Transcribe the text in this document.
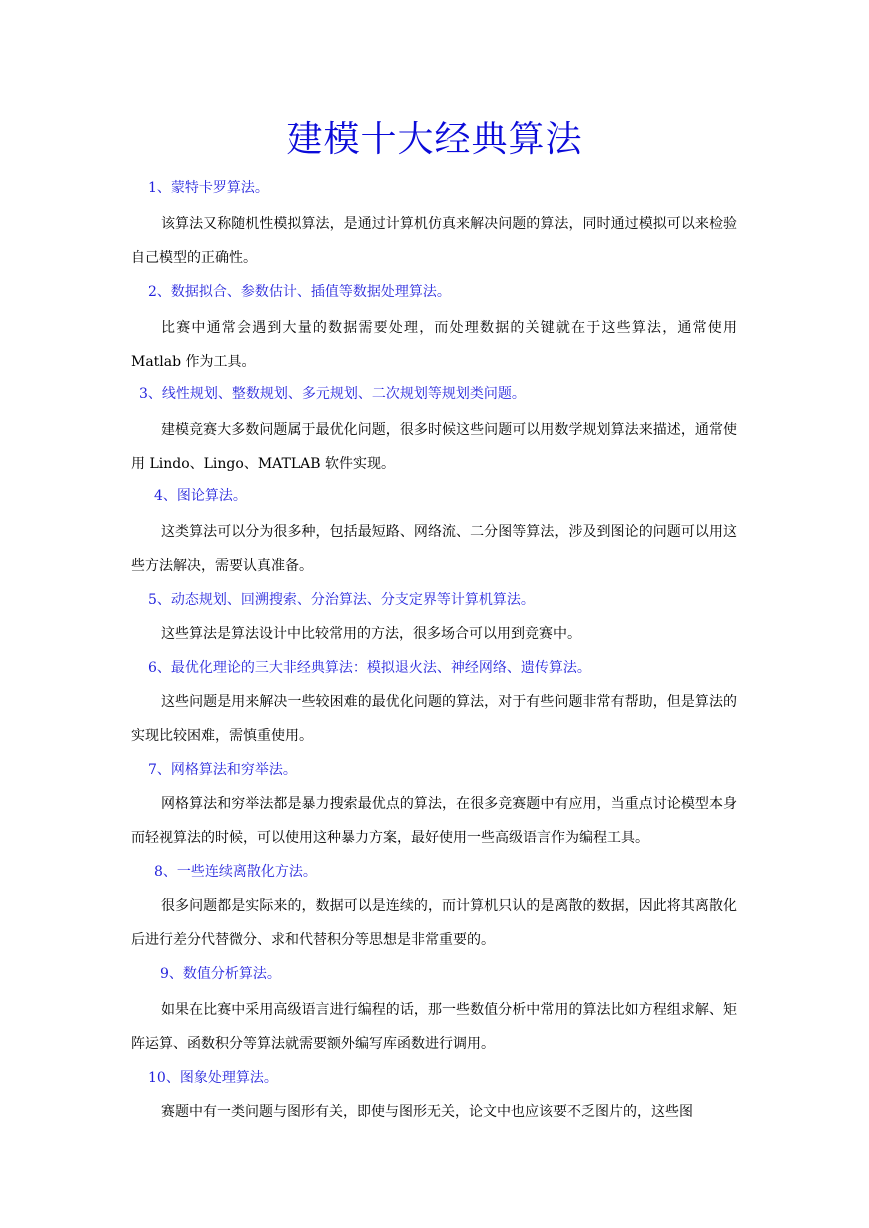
建模十大经典算法
1、蒙特卡罗算法。

该算法又称随机性模拟算法，是通过计算机仿真来解决问题的算法，同时通过模拟可以来检验自己模型的正确性。

2、数据拟合、参数估计、插值等数据处理算法。

比赛中通常会遇到大量的数据需要处理，而处理数据的关键就在于这些算法，通常使用Matlab 作为工具。

3、线性规划、整数规划、多元规划、二次规划等规划类问题。

建模竞赛大多数问题属于最优化问题，很多时候这些问题可以用数学规划算法来描述，通常使用 Lindo、Lingo、MATLAB 软件实现。

4、图论算法。

这类算法可以分为很多种，包括最短路、网络流、二分图等算法，涉及到图论的问题可以用这些方法解决，需要认真准备。

5、动态规划、回溯搜索、分治算法、分支定界等计算机算法。

这些算法是算法设计中比较常用的方法，很多场合可以用到竞赛中。

6、最优化理论的三大非经典算法：模拟退火法、神经网络、遗传算法。

这些问题是用来解决一些较困难的最优化问题的算法，对于有些问题非常有帮助，但是算法的实现比较困难，需慎重使用。

7、网格算法和穷举法。

网格算法和穷举法都是暴力搜索最优点的算法，在很多竞赛题中有应用，当重点讨论模型本身而轻视算法的时候，可以使用这种暴力方案，最好使用一些高级语言作为编程工具。

8、一些连续离散化方法。

很多问题都是实际来的，数据可以是连续的，而计算机只认的是离散的数据，因此将其离散化后进行差分代替微分、求和代替积分等思想是非常重要的。

9、数值分析算法。

如果在比赛中采用高级语言进行编程的话，那一些数值分析中常用的算法比如方程组求解、矩阵运算、函数积分等算法就需要额外编写库函数进行调用。

10、图象处理算法。

赛题中有一类问题与图形有关，即使与图形无关，论文中也应该要不乏图片的，这些图
